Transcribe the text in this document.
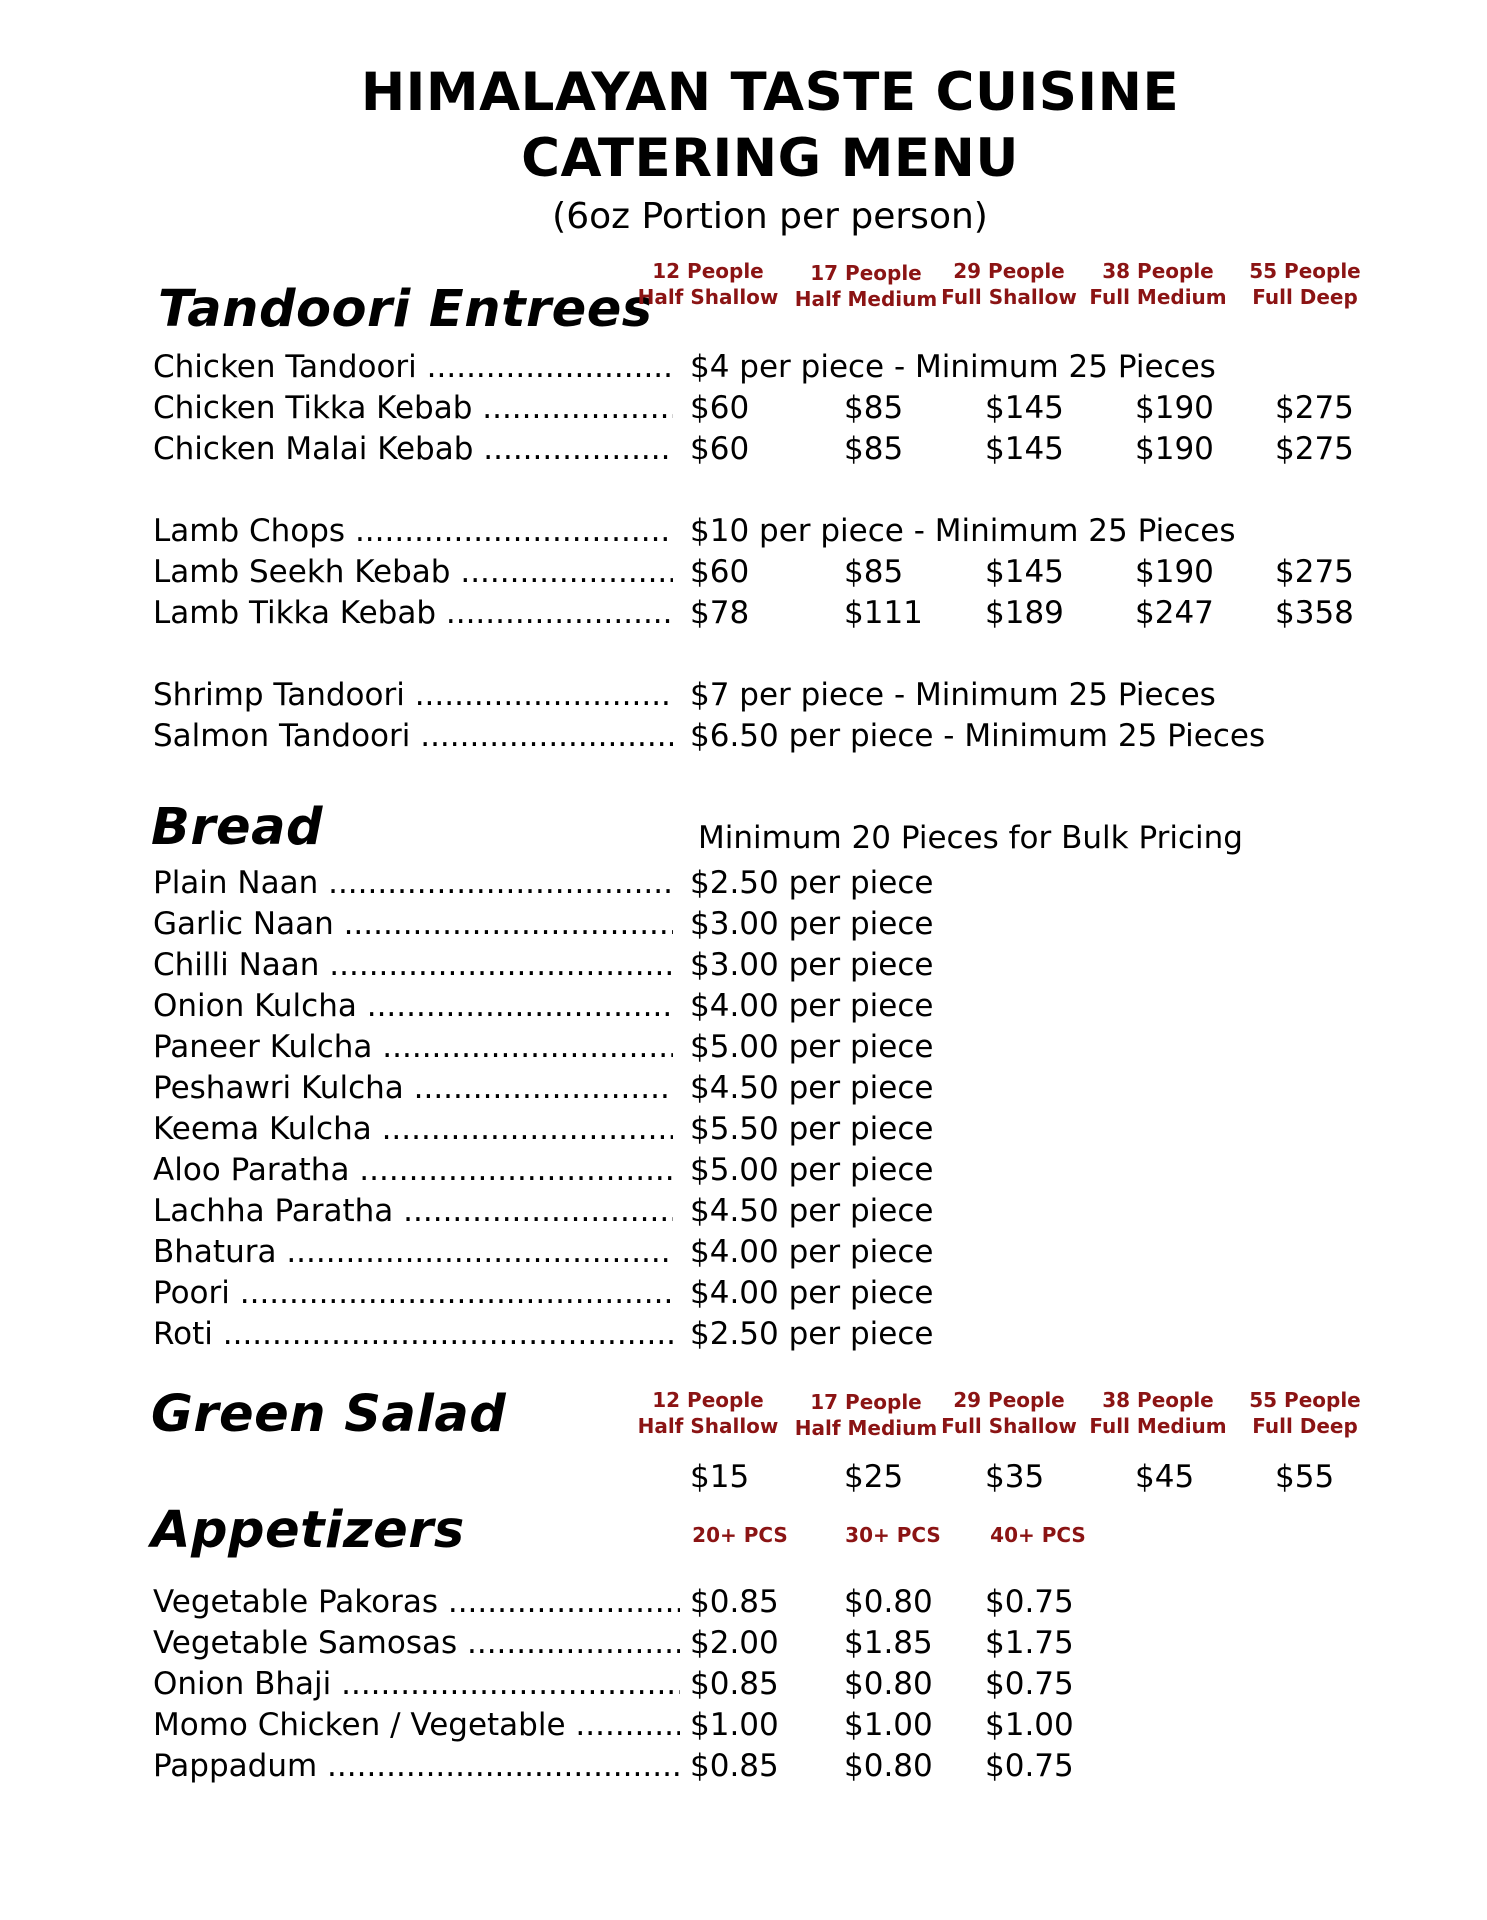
HIMALAYAN TASTE CUISINE
CATERING MENU
(6oz Portion per person)
Tandoori Entrees
12 People
Half Shallow
17 People
Half Medium
29 People
Full Shallow
38 People
Full Medium
55 People
Full Deep
Chicken Tandoori .....	$4 per piece - Minimum 25 Pieces
Chicken Tikka Kebab .....	$60	$85	$145 $190 $275
Chicken Malai Kebab .....	$60	$85	$145 $190 $275
Lamb Chops .....	$10 per piece - Minimum 25 Pieces
Lamb Seekh Kebab .....	$60	$85	$145 $190 $275
Lamb Tikka Kebab .....	$78	$111 $189 $247 $358
Shrimp Tandoori .....	$7 per piece - Minimum 25 Pieces
Salmon Tandoori .....	$6.50 per piece - Minimum 25 Pieces
Bread	Minimum 20 Pieces for Bulk Pricing
Plain Naan .....	$2.50 per piece
Garlic Naan .....	$3.00 per piece
Chilli Naan .....	$3.00 per piece
Onion Kulcha .....	$4.00 per piece
Paneer Kulcha .....	$5.00 per piece
Peshawri Kulcha .....	$4.50 per piece
Keema Kulcha .....	$5.50 per piece
Aloo Paratha .....	$5.00 per piece
Lachha Paratha .....	$4.50 per piece
Bhatura .....	$4.00 per piece
Poori .....	$4.00 per piece
Roti .....	$2.50 per piece
Green Salad	12 People
Half Shallow
17 People
Half Medium
29 People
Full Shallow
38 People
Full Medium
55 People
Full Deep
$15	$25	$35	$45	$55
Appetizers	20+ PCS	30+ PCS	40+ PCS
Vegetable Pakoras .....	$0.85 $0.80 $0.75
Vegetable Samosas .....	$2.00 $1.85 $1.75
Onion Bhaji .....	$0.85 $0.80 $0.75
Momo Chicken / Vegetable .....	$1.00 $1.00 $1.00
Pappadum .....	$0.85 $0.80 $0.75
